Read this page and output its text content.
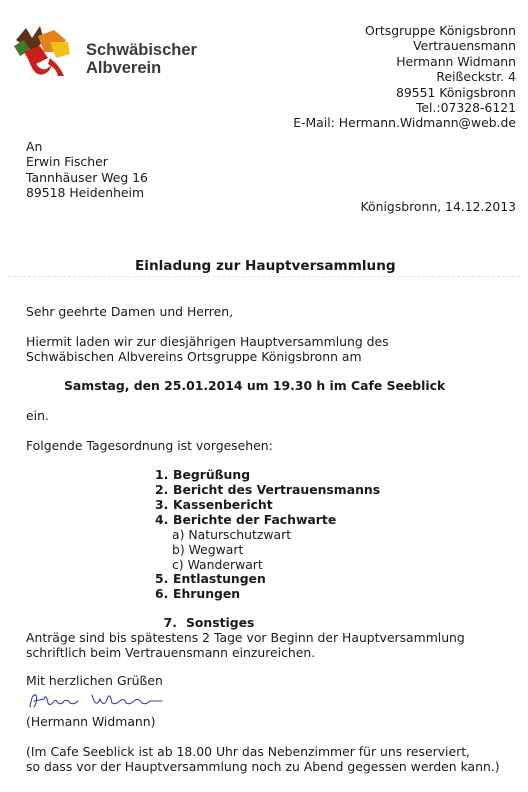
Schwäbischer
Albverein
Ortsgruppe Königsbronn
Vertrauensmann
Hermann Widmann
Reißeckstr. 4
89551 Königsbronn
Tel.:07328-6121
E-Mail: Hermann.Widmann@web.de
An
Erwin Fischer
Tannhäuser Weg 16
89518 Heidenheim
Königsbronn, 14.12.2013
Einladung zur Hauptversammlung
Sehr geehrte Damen und Herren,
Hiermit laden wir zur diesjährigen Hauptversammlung des
Schwäbischen Albvereins Ortsgruppe Königsbronn am
Samstag, den 25.01.2014 um 19.30 h im Cafe Seeblick
ein.
Folgende Tagesordnung ist vorgesehen:
1. Begrüßung
2. Bericht des Vertrauensmanns
3. Kassenbericht
4. Berichte der Fachwarte
a) Naturschutzwart
b) Wegwart
c) Wanderwart
5. Entlastungen
6. Ehrungen

7. Sonstiges

Anträge sind bis spätestens 2 Tage vor Beginn der Hauptversammlung
schriftlich beim Vertrauensmann einzureichen.
Mit herzlichen Grüßen
(Hermann Widmann)
(Im Cafe Seeblick ist ab 18.00 Uhr das Nebenzimmer für uns reserviert,
so dass vor der Hauptversammlung noch zu Abend gegessen werden kann.)
